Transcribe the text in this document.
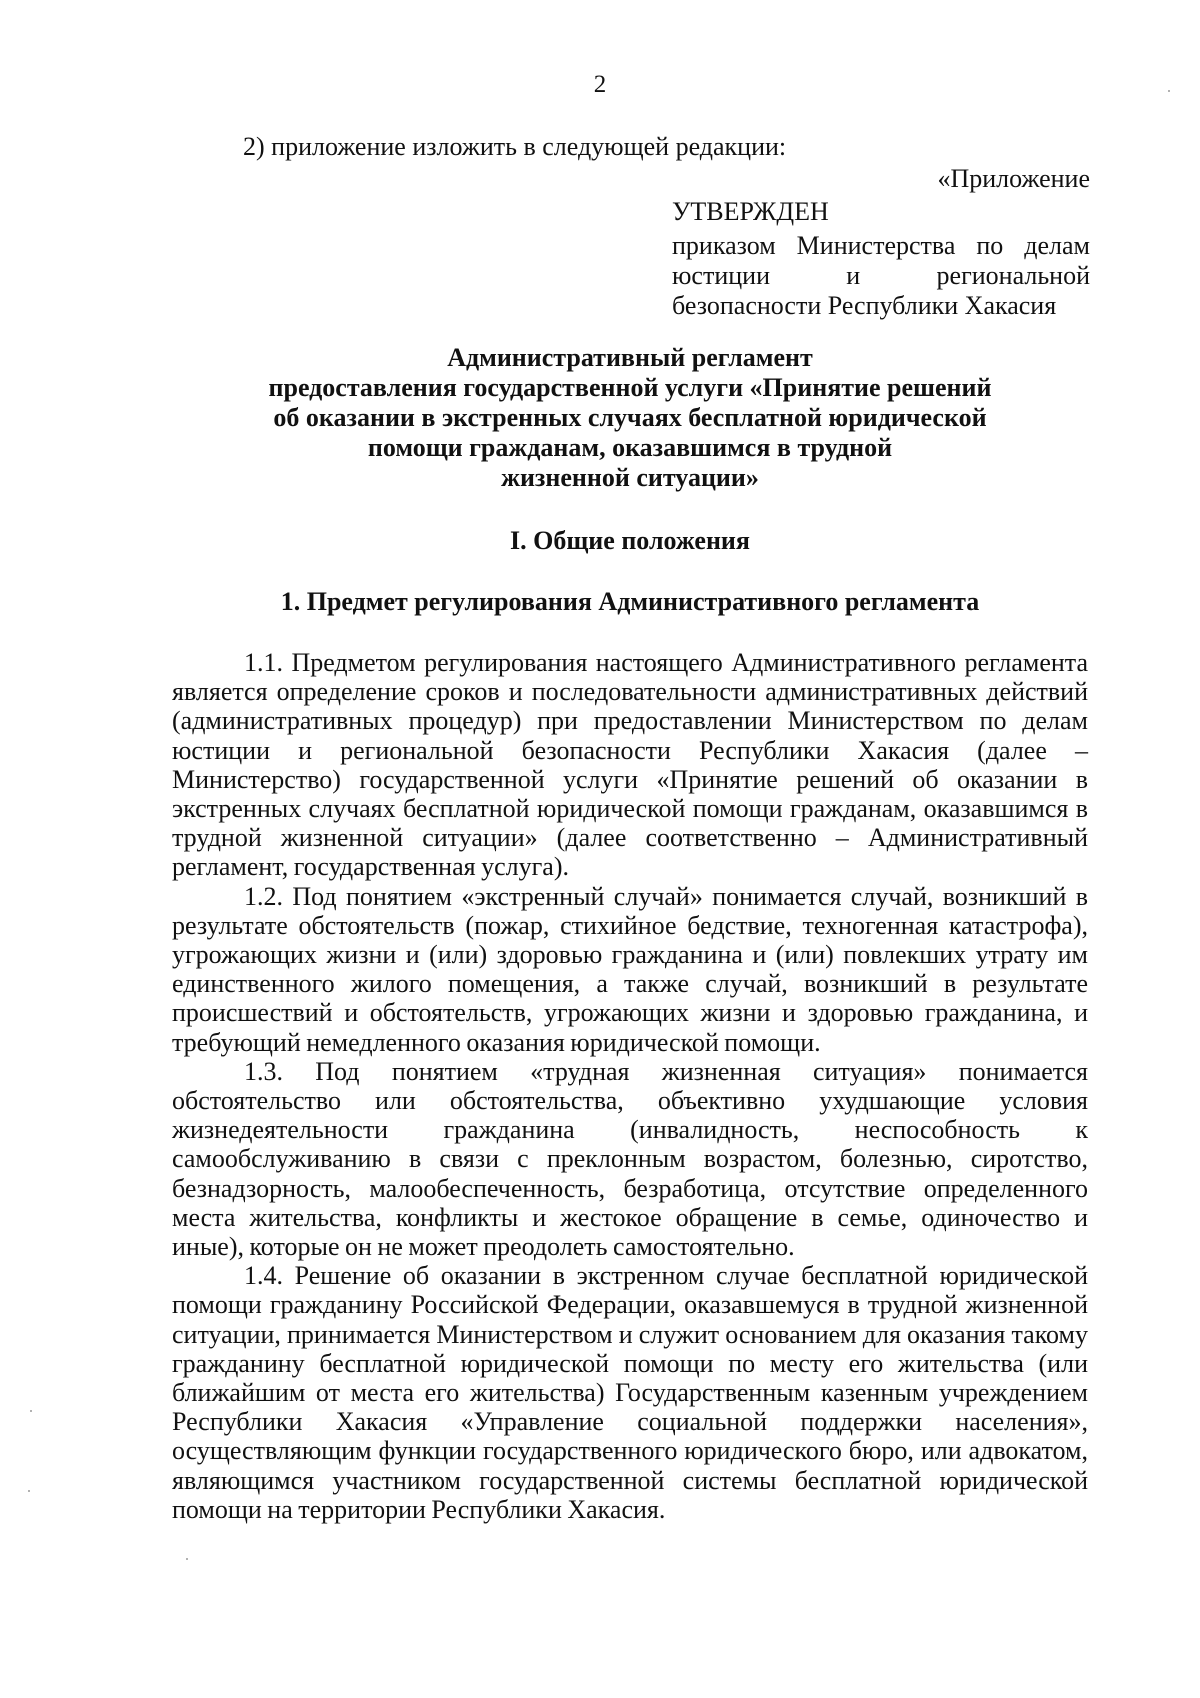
2
2) приложение изложить в следующей редакции:
«Приложение
УТВЕРЖДЕН
приказом Министерства по делам юстиции и региональной безопасности Республики Хакасия
Административный регламент
предоставления государственной услуги «Принятие решений
об оказании в экстренных случаях бесплатной юридической
помощи гражданам, оказавшимся в трудной
жизненной ситуации»
I. Общие положения
1. Предмет регулирования Административного регламента

1.1. Предметом регулирования настоящего Административного регламента является определение сроков и последовательности административных действий (административных процедур) при предоставлении Министерством по делам юстиции и региональной безопасности Республики Хакасия (далее – Министерство) государственной услуги «Принятие решений об оказании в экстренных случаях бесплатной юридической помощи гражданам, оказавшимся в трудной жизненной ситуации» (далее соответственно – Административный регламент, государственная услуга).

1.2. Под понятием «экстренный случай» понимается случай, возникший в результате обстоятельств (пожар, стихийное бедствие, техногенная катастрофа), угрожающих жизни и (или) здоровью гражданина и (или) повлекших утрату им единственного жилого помещения, а также случай, возникший в результате происшествий и обстоятельств, угрожающих жизни и здоровью гражданина, и требующий немедленного оказания юридической помощи.

1.3. Под понятием «трудная жизненная ситуация» понимается обстоятельство или обстоятельства, объективно ухудшающие условия жизнедеятельности гражданина (инвалидность, неспособность к самообслуживанию в связи с преклонным возрастом, болезнью, сиротство, безнадзорность, малообеспеченность, безработица, отсутствие определенного места жительства, конфликты и жестокое обращение в семье, одиночество и иные), которые он не может преодолеть самостоятельно.

1.4. Решение об оказании в экстренном случае бесплатной юридической помощи гражданину Российской Федерации, оказавшемуся в трудной жизненной ситуации, принимается Министерством и служит основанием для оказания такому гражданину бесплатной юридической помощи по месту его жительства (или ближайшим от места его жительства) Государственным казенным учреждением Республики Хакасия «Управление социальной поддержки населения», осуществляющим функции государственного юридического бюро, или адвокатом, являющимся участником государственной системы бесплатной юридической помощи на территории Республики Хакасия.
